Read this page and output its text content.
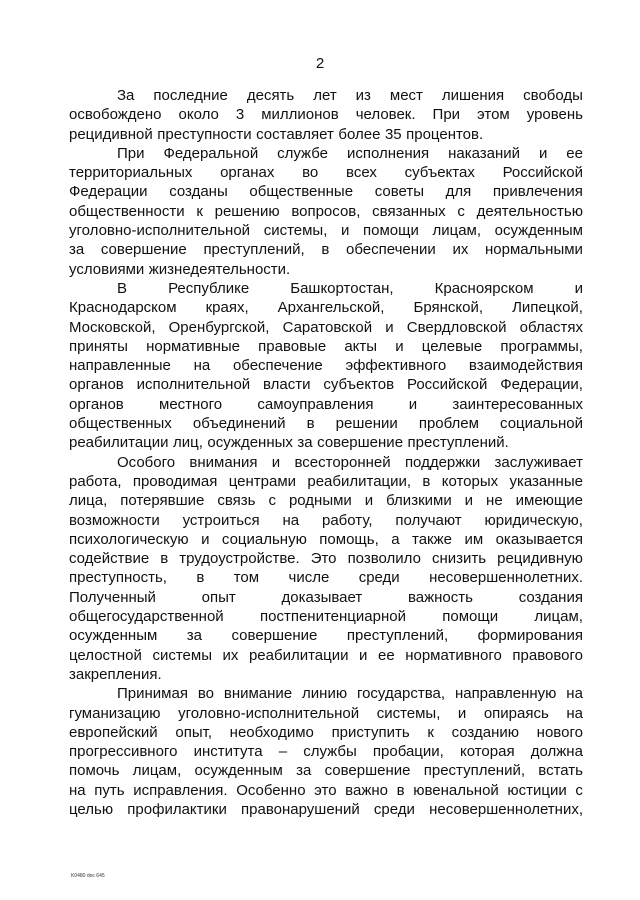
2
За последние десять лет из мест лишения свободы
освобождено около 3 миллионов человек. При этом уровень
рецидивной преступности составляет более 35 процентов.
При Федеральной службе исполнения наказаний и ее
территориальных органах во всех субъектах Российской
Федерации созданы общественные советы для привлечения
общественности к решению вопросов, связанных с деятельностью
уголовно-исполнительной системы, и помощи лицам, осужденным
за совершение преступлений, в обеспечении их нормальными
условиями жизнедеятельности.
В	Республике	Башкортостан,	Красноярском	и
Краснодарском краях, Архангельской, Брянской, Липецкой,
Московской, Оренбургской, Саратовской и Свердловской областях
приняты нормативные правовые акты и целевые программы,
направленные на обеспечение эффективного взаимодействия
органов исполнительной власти субъектов Российской Федерации,
органов местного самоуправления и заинтересованных
общественных объединений в решении проблем социальной
реабилитации лиц, осужденных за совершение преступлений.
Особого внимания и всесторонней поддержки заслуживает
работа, проводимая центрами реабилитации, в которых указанные
лица, потерявшие связь с родными и близкими и не имеющие
возможности устроиться на работу, получают юридическую,
психологическую и социальную помощь, а также им оказывается
содействие в трудоустройстве. Это позволило снизить рецидивную
преступность, в том числе среди несовершеннолетних.
Полученный	опыт	доказывает	важность	создания
общегосударственной постпенитенциарной помощи лицам,
осужденным за совершение преступлений, формирования
целостной системы их реабилитации и ее нормативного правового
закрепления.
Принимая во внимание линию государства, направленную на
гуманизацию уголовно-исполнительной системы, и опираясь на
европейский опыт, необходимо приступить к созданию нового
прогрессивного института – службы пробации, которая должна
помочь лицам, осужденным за совершение преступлений, встать
на путь исправления. Особенно это важно в ювенальной юстиции с
целью профилактики правонарушений среди несовершеннолетних,
K0480 doc 645
